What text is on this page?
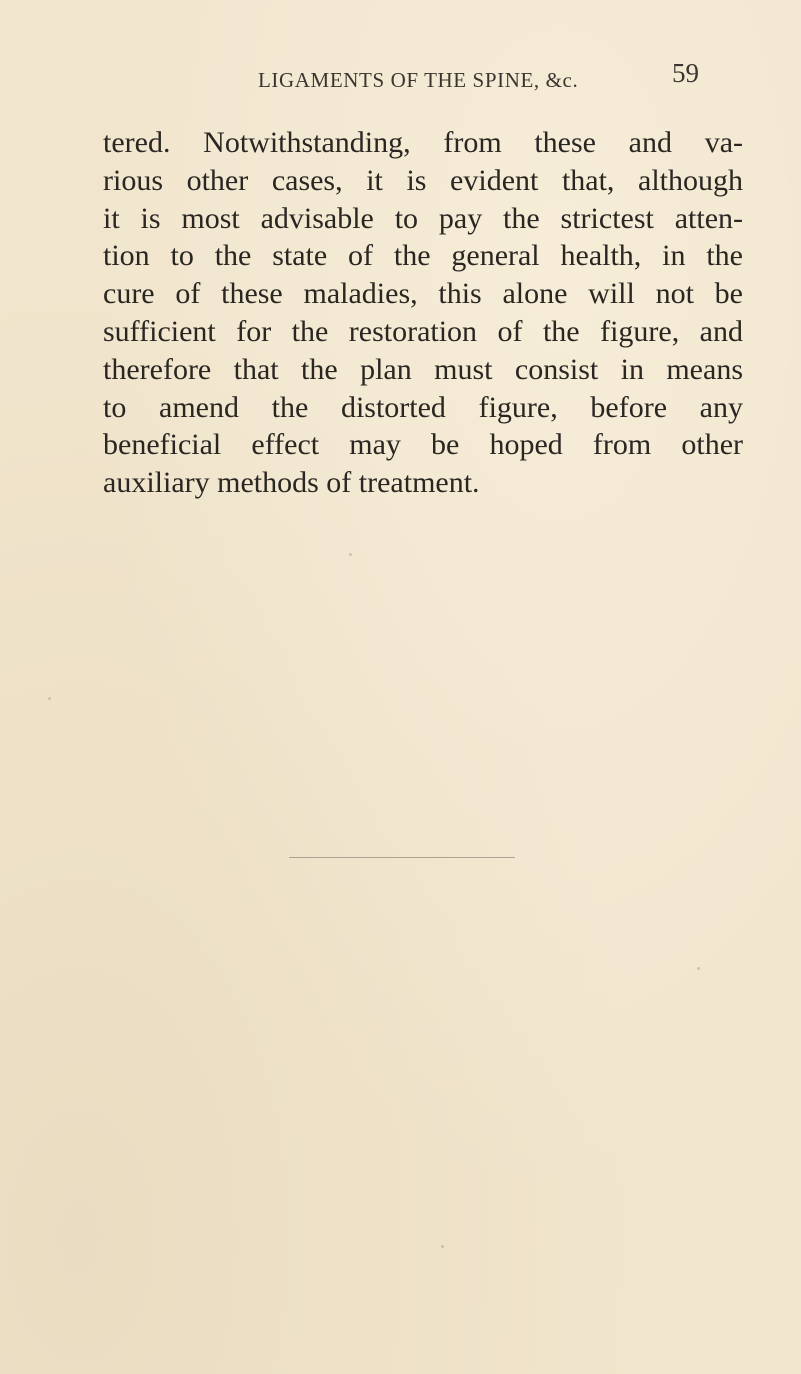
LIGAMENTS OF THE SPINE, &c.	59
tered. Notwithstanding, from these and va-
rious other cases, it is evident that, although
it is most advisable to pay the strictest atten-
tion to the state of the general health, in the
cure of these maladies, this alone will not be
sufficient for the restoration of the figure, and
therefore that the plan must consist in means
to amend the distorted figure, before any
beneficial effect may be hoped from other
auxiliary methods of treatment.
